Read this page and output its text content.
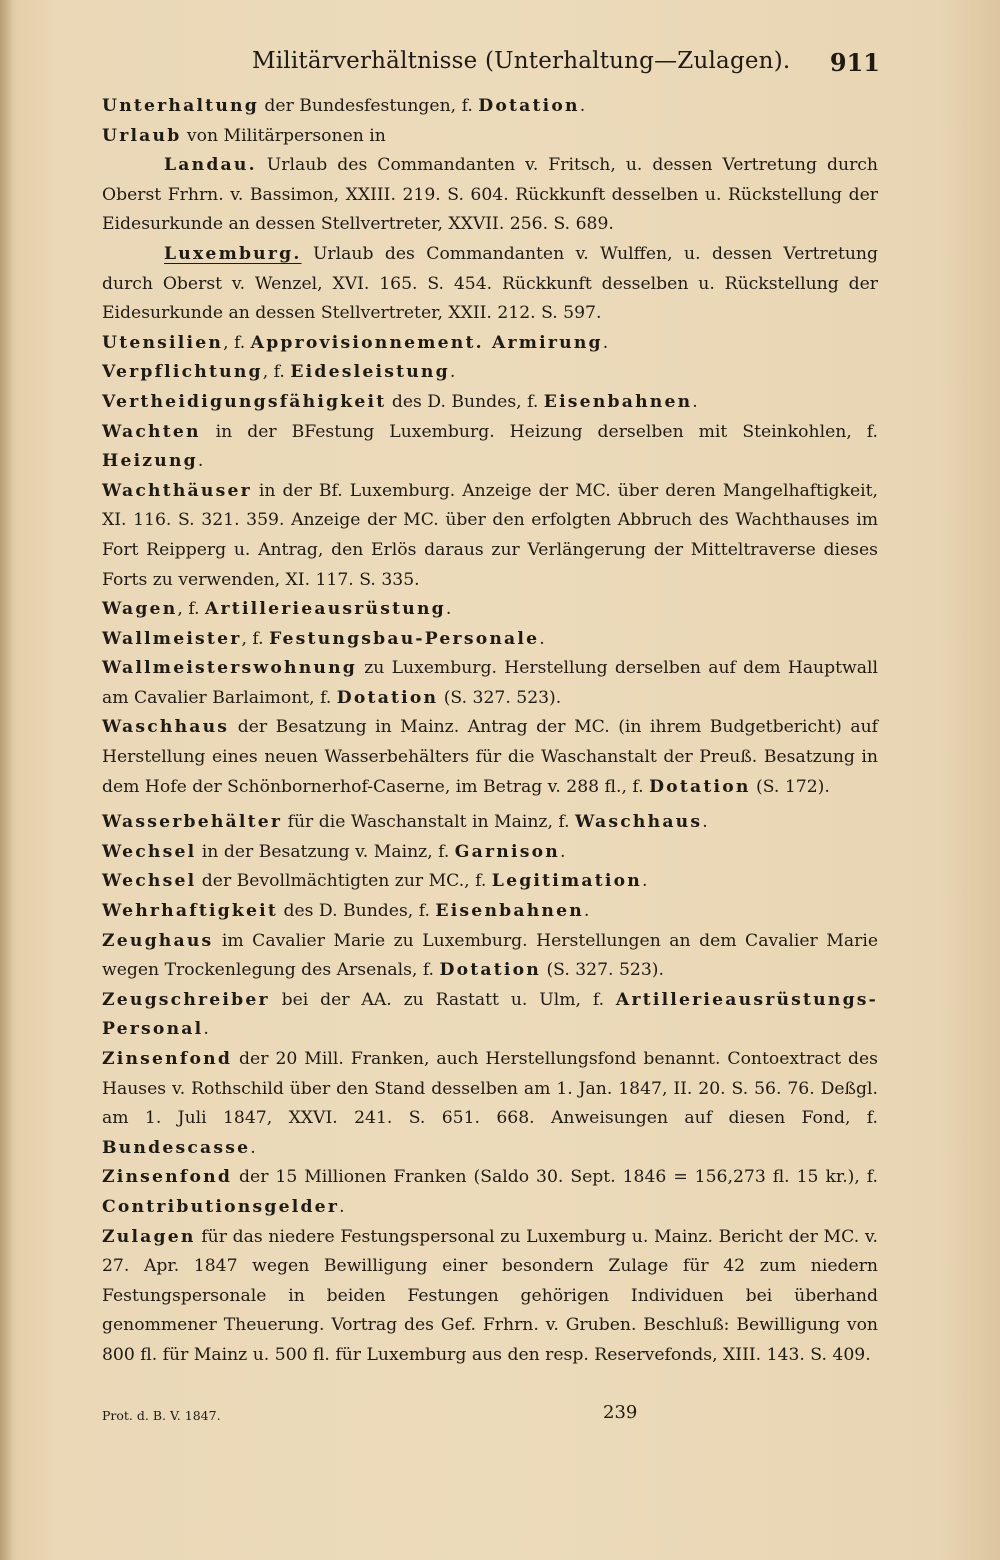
Militärverhältnisse (Unterhaltung—Zulagen). 911
Unterhaltung der Bundesfestungen, f. Dotation.
Urlaub von Militärpersonen in
Landau. Urlaub des Commandanten v. Fritsch, u. dessen Vertretung durch Oberst Frhrn. v. Bassimon, XXIII. 219. S. 604. Rückkunft desselben u. Rückstellung der Eidesurkunde an dessen Stellvertreter, XXVII. 256. S. 689.
Luxemburg. Urlaub des Commandanten v. Wulffen, u. dessen Vertretung durch Oberst v. Wenzel, XVI. 165. S. 454. Rückkunft desselben u. Rückstellung der Eidesurkunde an dessen Stellvertreter, XXII. 212. S. 597.
Utensilien, f. Approvisionnement. Armirung.
Verpflichtung, f. Eidesleistung.
Vertheidigungsfähigkeit des D. Bundes, f. Eisenbahnen.
Wachten in der BFestung Luxemburg. Heizung derselben mit Steinkohlen, f. Heizung.
Wachthäuser in der Bf. Luxemburg. Anzeige der MC. über deren Mangelhaftigkeit, XI. 116. S. 321. 359. Anzeige der MC. über den erfolgten Abbruch des Wachthauses im Fort Reipperg u. Antrag, den Erlös daraus zur Verlängerung der Mitteltraverse dieses Forts zu verwenden, XI. 117. S. 335.
Wagen, f. Artillerieausrüstung.
Wallmeister, f. Festungsbau-Personale.
Wallmeisterswohnung zu Luxemburg. Herstellung derselben auf dem Hauptwall am Cavalier Barlaimont, f. Dotation (S. 327. 523).
Waschhaus der Besatzung in Mainz. Antrag der MC. (in ihrem Budgetbericht) auf Herstellung eines neuen Wasserbehälters für die Waschanstalt der Preuß. Besatzung in dem Hofe der Schönbornerhof-Caserne, im Betrag v. 288 fl., f. Dotation (S. 172).
Wasserbehälter für die Waschanstalt in Mainz, f. Waschhaus.
Wechsel in der Besatzung v. Mainz, f. Garnison.
Wechsel der Bevollmächtigten zur MC., f. Legitimation.
Wehrhaftigkeit des D. Bundes, f. Eisenbahnen.
Zeughaus im Cavalier Marie zu Luxemburg. Herstellungen an dem Cavalier Marie wegen Trockenlegung des Arsenals, f. Dotation (S. 327. 523).
Zeugschreiber bei der AA. zu Rastatt u. Ulm, f. Artillerieausrüstungs-Personal.
Zinsenfond der 20 Mill. Franken, auch Herstellungsfond benannt. Contoextract des Hauses v. Rothschild über den Stand desselben am 1. Jan. 1847, II. 20. S. 56. 76. Deßgl. am 1. Juli 1847, XXVI. 241. S. 651. 668. Anweisungen auf diesen Fond, f. Bundescasse.
Zinsenfond der 15 Millionen Franken (Saldo 30. Sept. 1846 = 156,273 fl. 15 kr.), f. Contributionsgelder.
Zulagen für das niedere Festungspersonal zu Luxemburg u. Mainz. Bericht der MC. v. 27. Apr. 1847 wegen Bewilligung einer besondern Zulage für 42 zum niedern Festungspersonale in beiden Festungen gehörigen Individuen bei überhand genommener Theuerung. Vortrag des Gef. Frhrn. v. Gruben. Beschluß: Bewilligung von 800 fl. für Mainz u. 500 fl. für Luxemburg aus den resp. Reservefonds, XIII. 143. S. 409.
Prot. d. B. V. 1847.	239
